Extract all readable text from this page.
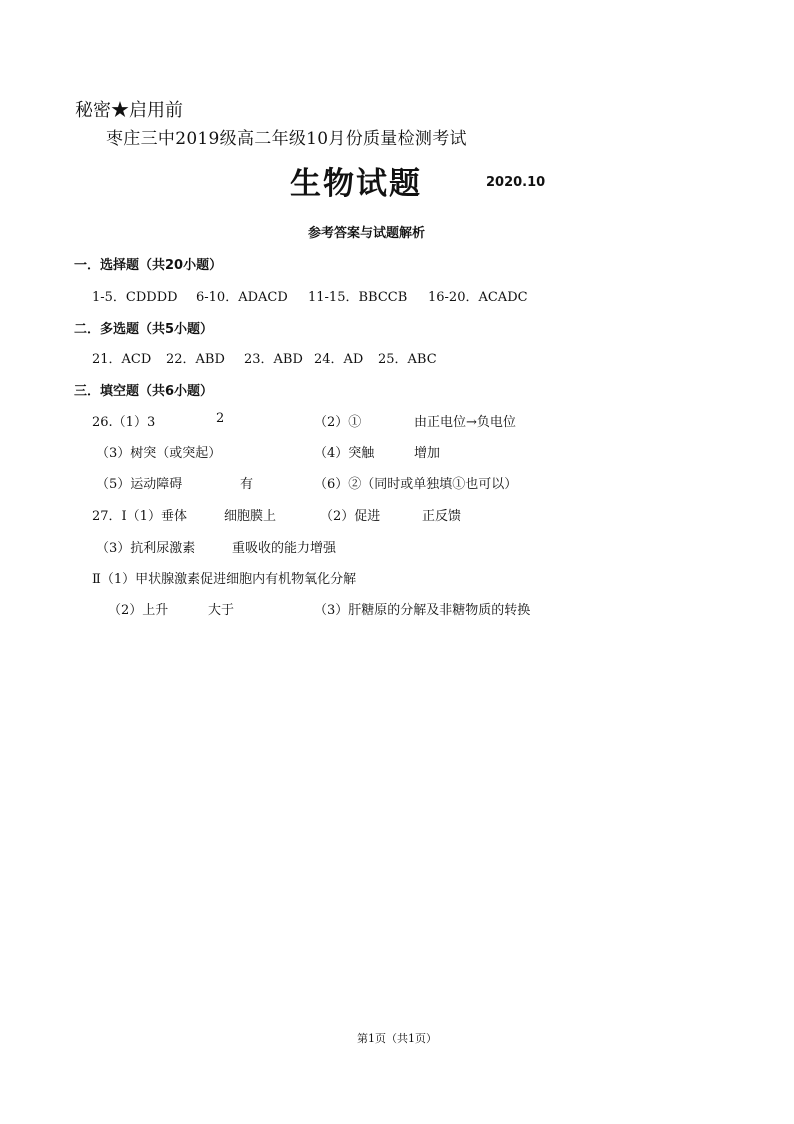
秘密★启用前
枣庄三中2019级高二年级10月份质量检测考试
生物试题	2020.10
参考答案与试题解析
一．选择题（共20小题）
1-5．CDDDD 6-10．ADACD 11-15．BBCCB 16-20．ACADC
二．多选题（共5小题）
21．ACD 22．ABD 23．ABD 24．AD 25．ABC
三．填空题（共6小题）
26.（1）3	2	（2）①	由正电位→负电位
（3）树突（或突起）	（4）突触	增加
（5）运动障碍	有	（6）②（同时或单独填①也可以）
27．Ⅰ（1）垂体	细胞膜上	（2）促进	正反馈
（3）抗利尿激素	重吸收的能力增强
Ⅱ（1）甲状腺激素促进细胞内有机物氧化分解
（2）上升	大于	（3）肝糖原的分解及非糖物质的转换
第1页（共1页）
